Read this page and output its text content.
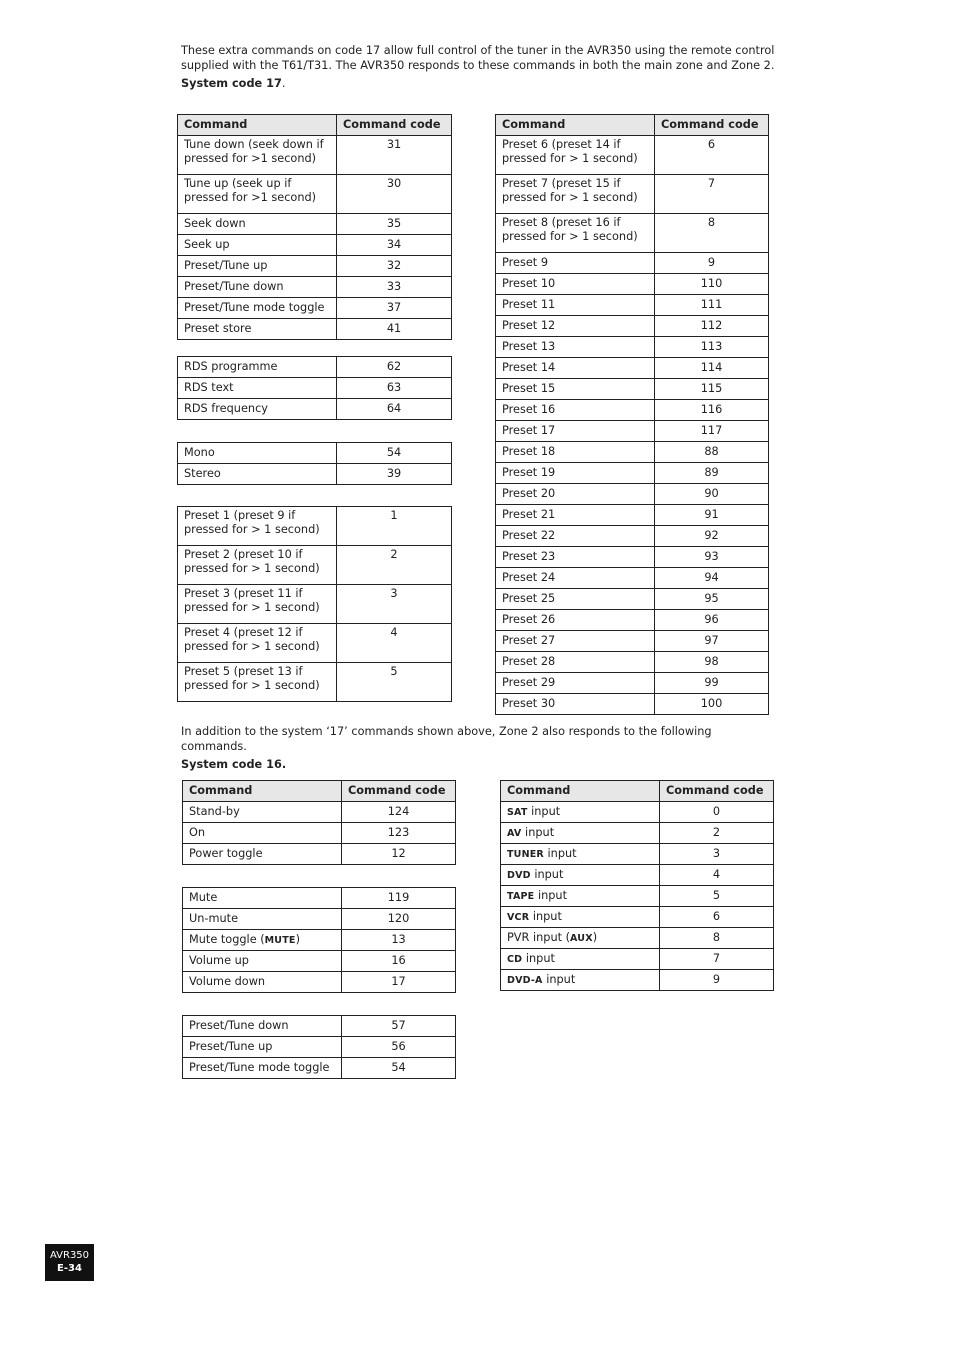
These extra commands on code 17 allow full control of the tuner in the AVR350 using the remote control
supplied with the T61/T31. The AVR350 responds to these commands in both the main zone and Zone 2.

System code 17.

Command	Command code
Tune down (seek down if
pressed for >1 second)	31
Tune up (seek up if
pressed for >1 second)	30
Seek down	35
Seek up	34
Preset/Tune up	32
Preset/Tune down	33
Preset/Tune mode toggle	37
Preset store	41
RDS programme	62
RDS text	63
RDS frequency	64
Mono	54
Stereo	39
Preset 1 (preset 9 if
pressed for > 1 second)	1
Preset 2 (preset 10 if
pressed for > 1 second)	2
Preset 3 (preset 11 if
pressed for > 1 second)	3
Preset 4 (preset 12 if
pressed for > 1 second)	4
Preset 5 (preset 13 if
pressed for > 1 second)	5
Command	Command code
Preset 6 (preset 14 if
pressed for > 1 second)	6
Preset 7 (preset 15 if
pressed for > 1 second)	7
Preset 8 (preset 16 if
pressed for > 1 second)	8
Preset 9	9
Preset 10	110
Preset 11	111
Preset 12	112
Preset 13	113
Preset 14	114
Preset 15	115
Preset 16	116
Preset 17	117
Preset 18	88
Preset 19	89
Preset 20	90
Preset 21	91
Preset 22	92
Preset 23	93
Preset 24	94
Preset 25	95
Preset 26	96
Preset 27	97
Preset 28	98
Preset 29	99
Preset 30	100

In addition to the system ‘17’ commands shown above, Zone 2 also responds to the following
commands.

System code 16.

Command	Command code
Stand-by	124
On	123
Power toggle	12
Mute	119
Un-mute	120
Mute toggle (MUTE)	13
Volume up	16
Volume down	17
Preset/Tune down	57
Preset/Tune up	56
Preset/Tune mode toggle	54
Command	Command code
SAT input	0
AV input	2
TUNER input	3
DVD input	4
TAPE input	5
VCR input	6
PVR input (AUX)	8
CD input	7
DVD-A input	9
AVR350
E-34
